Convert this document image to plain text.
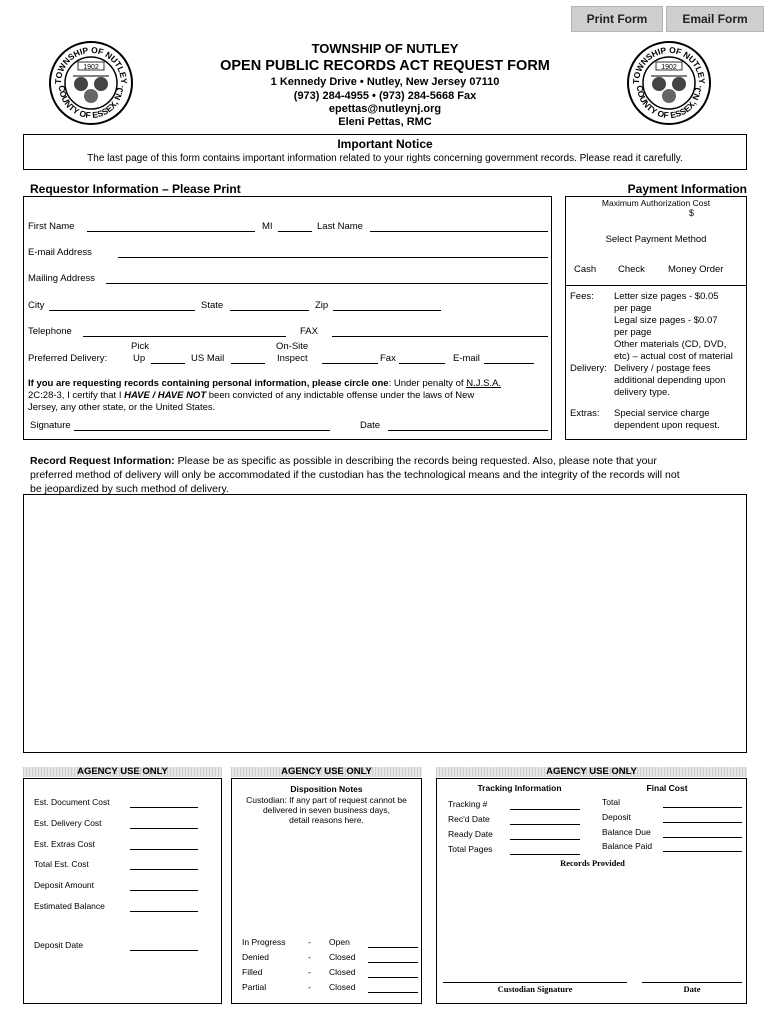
Print Form	Email Form
TOWNSHIP OF NUTLEY
COUNTY OF ESSEX, N.J.
1902
TOWNSHIP OF NUTLEY
COUNTY OF ESSEX, N.J.
1902
TOWNSHIP OF NUTLEY
OPEN PUBLIC RECORDS ACT REQUEST FORM
1 Kennedy Drive • Nutley, New Jersey 07110
(973) 284-4955 • (973) 284-5668 Fax
epettas@nutleynj.org
Eleni Pettas, RMC
Important Notice
The last page of this form contains important information related to your rights concerning government records. Please read it carefully.
Requestor Information – Please Print
First Name	MI	Last Name
E-mail Address
Mailing Address
City	State	Zip
Telephone	FAX
Pick	On-Site
Preferred Delivery:	Up	US Mail	Inspect	Fax	E-mail
If you are requesting records containing personal information, please circle one: Under penalty of N.J.S.A.
2C:28-3, I certify that I HAVE / HAVE NOT been convicted of any indictable offense under the laws of New
Jersey, any other state, or the United States.
Signature	Date
Payment Information
Maximum Authorization Cost
$
Select Payment Method
Cash Check Money Order
Fees: Letter size pages - $0.05
per page
Legal size pages - $0.07
per page
Other materials (CD, DVD,
etc) – actual cost of material
Delivery: Delivery / postage fees
additional depending upon
delivery type.
Extras: Special service charge
dependent upon request.
Record Request Information: Please be as specific as possible in describing the records being requested. Also, please note that your
preferred method of delivery will only be accommodated if the custodian has the technological means and the integrity of the records will not
be jeopardized by such method of delivery.
AGENCY USE ONLY
Est. Document Cost
Est. Delivery Cost
Est. Extras Cost
Total Est. Cost
Deposit Amount
Estimated Balance
Deposit Date
AGENCY USE ONLY
Disposition Notes
Custodian: If any part of request cannot be
delivered in seven business days,
detail reasons here.
In Progress	- Open
Denied	- Closed
Filled	- Closed
Partial	- Closed
AGENCY USE ONLY
Tracking Information	Final Cost
Tracking #
Rec'd Date
Ready Date
Total Pages
Total
Deposit
Balance Due
Balance Paid
Records Provided
Custodian Signature	Date
